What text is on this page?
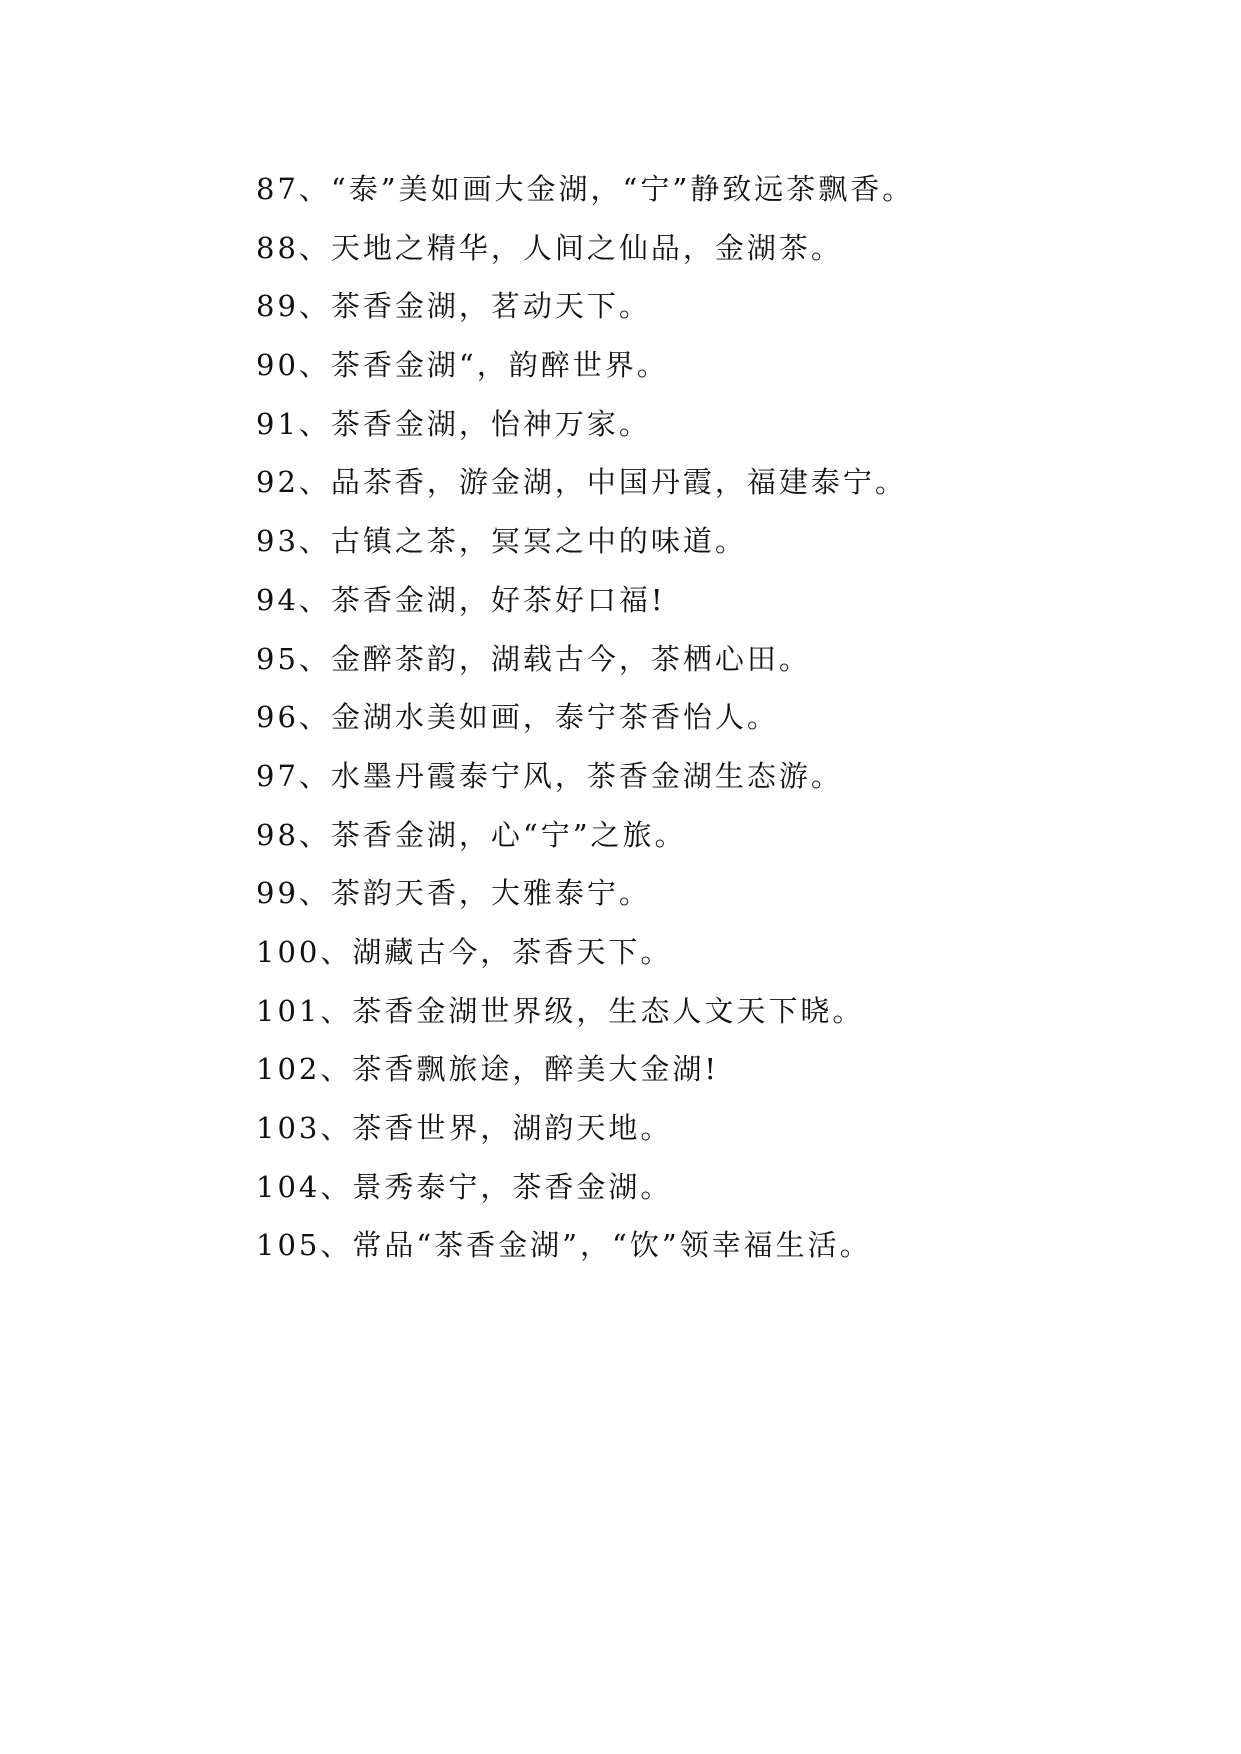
87、“泰”美如画大金湖，“宁”静致远茶飘香。
88、天地之精华，人间之仙品，金湖茶。
89、茶香金湖，茗动天下。
90、茶香金湖“，韵醉世界。
91、茶香金湖，怡神万家。
92、品茶香，游金湖，中国丹霞，福建泰宁。
93、古镇之茶，冥冥之中的味道。
94、茶香金湖，好茶好口福!
95、金醉茶韵，湖载古今，茶栖心田。
96、金湖水美如画，泰宁茶香怡人。
97、水墨丹霞泰宁风，茶香金湖生态游。
98、茶香金湖，心“宁”之旅。
99、茶韵天香，大雅泰宁。
100、湖藏古今，茶香天下。
101、茶香金湖世界级，生态人文天下晓。
102、茶香飘旅途，醉美大金湖!
103、茶香世界，湖韵天地。
104、景秀泰宁，茶香金湖。
105、常品“茶香金湖”，“饮”领幸福生活。
